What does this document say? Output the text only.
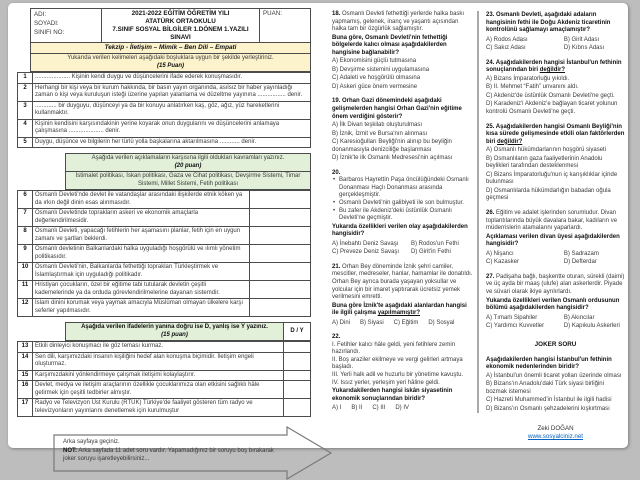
ADI:
SOYADI:
SINIFI NO:

2021-2022 EĞİTİM ÖĞRETİM YILI
ATATÜRK ORTAOKULU
7.SINIF SOSYAL BİLGİLER 1.DÖNEM 1.YAZILI SINAVI
	PUAN:
Tekzip - İletişim – Mimik – Ben Dili – Empati

Yukarıda verilen kelimeleri aşağıdaki boşluklara uygun bir şekilde yerleştiriniz.
(15 Puan)
1	..................... Kişinin kendi duygu ve düşüncelerini ifade ederek konuşmasıdır.
2	Herhangi bir kişi veya bir kurum hakkında, bir basın yayın organında, asılsız bir haber yayınladığı zaman o kişi veya kuruluşun isteği üzerine yapılan yalanlama ve düzeltme yayınına ................. denir.
3	............. bir duyguyu, düşünceyi ya da bir konuyu anlatırken kaş, göz, ağız, yüz hareketlerini kullanmaktır.
4	Kişinin kendisini karşısındakinin yerine koyarak onun duygularını ve düşüncelerini anlamaya çalışmasına ..................... denir.
5	Duygu, düşünce ve bilgilerin her türlü yolla başkalarına aktarılmasına ............ denir.
Aşağıda verilen açıklamaların karşısına ilgili oldukları kavramları yazınız.
(20 puan)

İstimalet politikası, İskan politikası, Gaza ve Cihat politikası, Devşirme Sistemi, Timar Sistemi, Millet Sistemi, Fetih politikası
6	Osmanlı Devleti'nde devlet ile vatandaşlar arasındaki ilişkilerde etnik köken ya da ırkın değil dinin esas alınmasıdır.	
7	Osmanlı Devletinde toprakların askeri ve ekonomik amaçlarla değerlendirilmesidir.	
8	Osmanlı Devleti, yapacağı fetihlerin her aşamasını planlar, fetih için en uygun zamanı ve şartları beklerdi.	
9	Osmanlı devletinin Balkanlardaki halka uyguladığı hoşgörülü ve ılımlı yönetim politikasıdır.	
10	Osmanlı Devleti'nin, Balkanlarda fethettiği toprakları Türkleştirmek ve İslamlaştırmak için uyguladığı politikadır.	
11	Hristiyan çocukların, özel bir eğitime tabi tutularak devletin çeşitli kademelerinde ya da orduda görevlendirilmelerine dayanan sistemdir.	
12	İslam dinini korumak veya yaymak amacıyla Müslüman olmayan ülkelere karşı seferler yapılmasıdır.	
Aşağıda verilen ifadelerin yanına doğru ise D, yanlış ise Y yazınız.
(15 puan)
	D / Y
13	Etkili dinleyici konuşmacı ile göz teması kurmaz.	
14	Sen dili, karşımızdaki insanın kişiliğini hedef alan konuşma biçimidir. İletişim engeli oluşturmaz.	
15	Karşımızdakini yönlendirmeye çalışmak iletişimi kolaylaştırır.	
16	Devlet, medya ve iletişim araçlarının özellikle çocuklarımıza olan etkisini sağlıklı hâle getirmek için çeşitli tedbirler almıştır.	
17	Radyo ve Televizyon Üst Kurulu (RTÜK) Türkiye'de faaliyet gösteren tüm radyo ve televizyonların yayınlarını denetlemek için kurulmuştur	
Arka sayfaya geçiniz.
NOT: Arka sayfada 11 adet soru vardır. Yapamadığınız bir soruyu boş bırakarak joker soruyu işaretleyebilirsiniz...
18. Osmanlı Devleti fethettiği yerlerde halka baskı yapmamış, gelenek, inanç ve yaşantı açısından halka tam bir özgürlük sağlamıştır.
Buna göre, Osmanlı Devleti'nin fethettiği bölgelerde kalıcı olması aşağıdakilerden hangisine bağlanabilir?
A) Ekonomisini güçlü tutmasına
B) Devşirme sistemini uygulamasına
C) Adaleti ve hoşgörülü olmasına
D) Askeri güce önem vermesine
19. Orhan Gazi dönemindeki aşağıdaki gelişmelerden hangisi Orhan Gazi'nin eğitime önem verdiğini gösterir?
A) İlk Divan teşkilatı oluşturulması
B) İznik, İzmit ve Bursa'nın alınması
C) Karesioğulları Beyliği'nin alınıp bu beyliğin donanmasıyla denizciliğe başlanması
D) İznik'te ilk Osmanlı Medresesi'nin açılması
20.
• Barbaros Hayrettin Paşa öncülüğündeki Osmanlı Donanması Haçlı Donanması arasında gerçekleşmiştir.
• Osmanlı Devleti'nin galibiyeti ile son bulmuştur.
• Bu zafer ile Akdeniz'deki üstünlük Osmanlı Devleti'ne geçmiştir.
Yukarıda özellikleri verilen olay aşağıdakilerden hangisidir?
A) İnebahtı Deniz Savaşı	B) Rodos'un Fethi
C) Preveze Deniz Savaşı	D) Girit'in Fethi
21. Orhan Bey döneminde İznik şehri camiler, mescitler, medreseler, hanlar, hamamlar ile donatıldı. Orhan Bey ayrıca burada yaşayan yoksullar ve yolcular için bir imaret yaptırarak ücretsiz yemek verilmesini emretti.
Buna göre İznik'te aşağıdaki alanlardan hangisi ile ilgili çalışma yapılmamıştır?
A) Dini      B) Siyasi      C) Eğitim      D) Sosyal
22.
I. Fetihler kalıcı hâle geldi, yeni fetihlere zemin hazırlandı.
II. Boş araziler ekilmeye ve vergi gelirleri artmaya başladı.
III. Yerli halk adil ve huzurlu bir yönetime kavuştu.
IV. Issız yerler, yerleşim yeri hâline geldi.
Yukarıdakilerden hangisi iskân siyasetinin ekonomik sonuçlarından biridir?
A) I      B) II      C) III      D) IV
23. Osmanlı Devleti, aşağıdaki adaların hangisinin fethi ile Doğu Akdeniz ticaretinin kontrolünü sağlamayı amaçlamıştır?
A) Rodos Adası	B) Girit Adası
C) Sakız Adası	D) Kıbrıs Adası
24. Aşağıdakilerden hangisi İstanbul'un fethinin sonuçlarından biri değildir?
A) Bizans İmparatorluğu yıkıldı.
B) II. Mehmet “Fatih” unvanını aldı.
C) Akdeniz'de üstünlük Osmanlı Devleti'ne geçti.
D) Karadeniz'i Akdeniz'e bağlayan ticaret yolunun kontrolü Osmanlı Devleti'ne geçti.
25. Aşağıdakilerden hangisi Osmanlı Beyliği'nin kısa sürede gelişmesinde etkili olan faktörlerden biri değildir?
A) Osmanlı hükümdarlarının hoşgörü siyaseti
B) Osmanlıların gaza faaliyetlerinin Anadolu beylikleri tarafından desteklenmesi
C) Bizans İmparatorluğu'nun iç karışıklıklar içinde bulunması
D) Osmanlılarda hükümdarlığın babadan oğula geçmesi
26. Eğitim ve adalet işlerinden sorumludur. Divan toplantılarında büyük davalara bakar, kadıların ve müderrislerin atamalarını yaparlardı.
Açıklaması verilen divan üyesi aşağıdakilerden hangisidir?
A) Nişancı	B) Sadrazam
C) Kazasker	D) Defterdar
27. Padişaha bağlı, başkentte oturan, sürekli (daimi) ve üç ayda bir maaş (ulufe) alan askerlerdir. Piyade ve süvari olarak ikiye ayrılırlardı.
Yukarıda özellikleri verilen Osmanlı ordusunun bölümü aşağıdakilerden hangisidir?
A) Tımarlı Sipahiler	B) Akıncılar
C) Yardımcı Kuvvetler	D) Kapıkulu Askerleri
JOKER SORU
Aşağıdakilerden hangisi İstanbul'un fethinin ekonomik nedenlerinden biridir?
A) İstanbul'un önemli ticaret yolları üzerinde olması
B) Bizans'ın Anadolu'daki Türk siyasi birliğini bozmak istemesi
C) Hazreti Muhammed'in İstanbul ile ilgili hadisi
D) Bizans'ın Osmanlı şehzadelerini kışkırtması
Zeki DOĞAN
www.sosyalciniz.net
